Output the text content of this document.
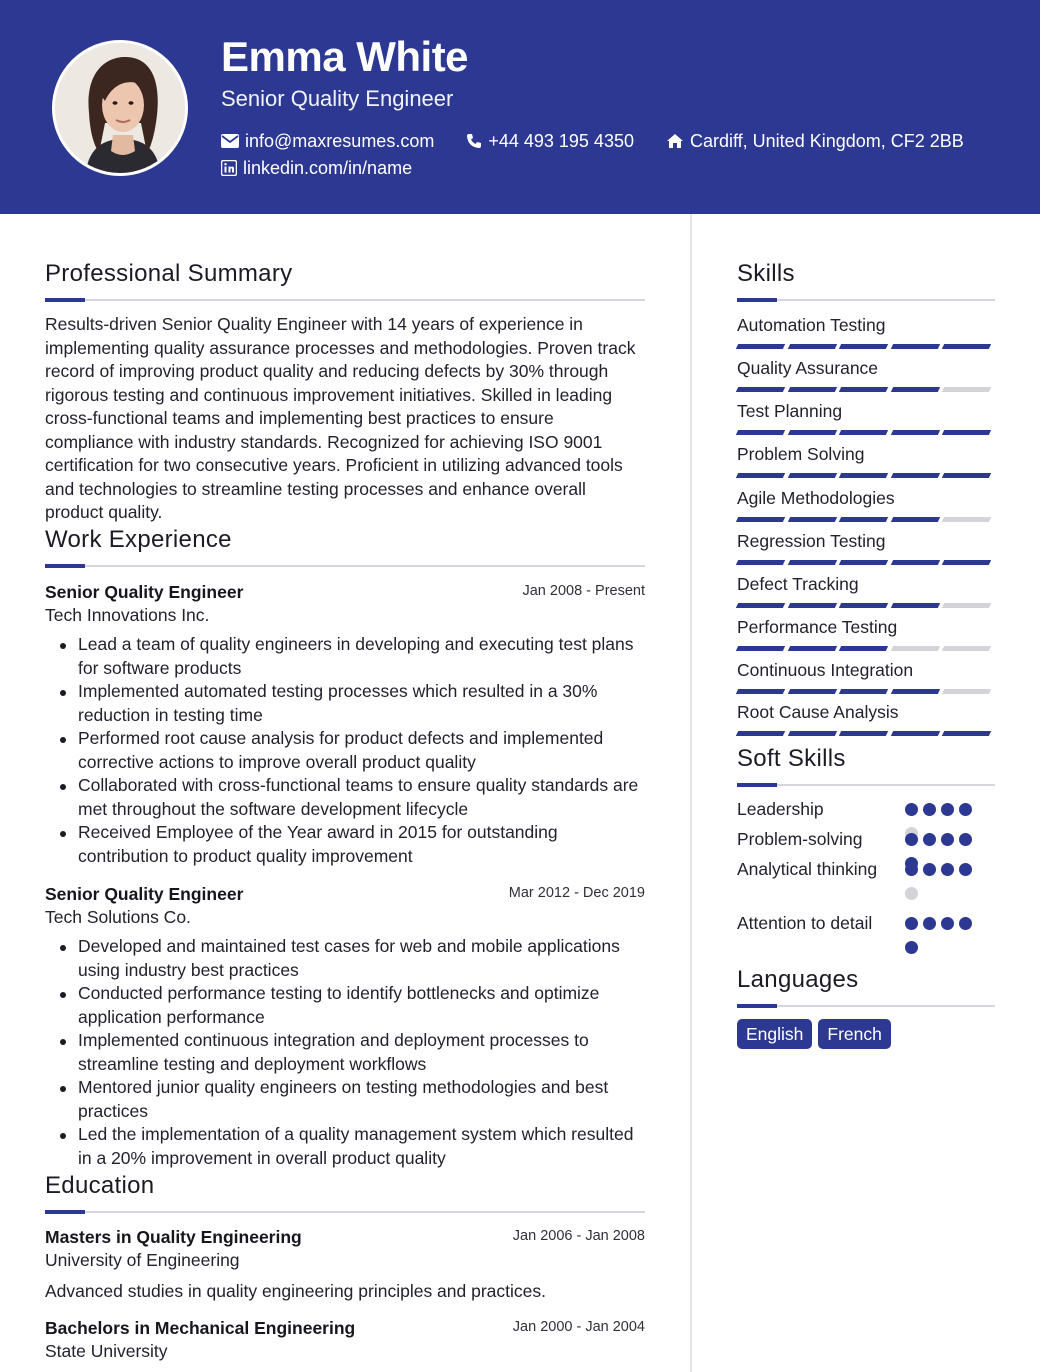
Emma White
Senior Quality Engineer
info@maxresumes.com	+44 493 195 4350	Cardiff, United Kingdom, CF2 2BB
linkedin.com/in/name
Professional Summary
Results-driven Senior Quality Engineer with 14 years of experience in implementing quality assurance processes and methodologies. Proven track record of improving product quality and reducing defects by 30% through rigorous testing and continuous improvement initiatives. Skilled in leading cross-functional teams and implementing best practices to ensure compliance with industry standards. Recognized for achieving ISO 9001 certification for two consecutive years. Proficient in utilizing advanced tools and technologies to streamline testing processes and enhance overall product quality.
Work Experience
Senior Quality Engineer	Jan 2008 - Present
Tech Innovations Inc.
Lead a team of quality engineers in developing and executing test plans for software products
Implemented automated testing processes which resulted in a 30% reduction in testing time
Performed root cause analysis for product defects and implemented corrective actions to improve overall product quality
Collaborated with cross-functional teams to ensure quality standards are met throughout the software development lifecycle
Received Employee of the Year award in 2015 for outstanding contribution to product quality improvement
Senior Quality Engineer	Mar 2012 - Dec 2019
Tech Solutions Co.
Developed and maintained test cases for web and mobile applications using industry best practices
Conducted performance testing to identify bottlenecks and optimize application performance
Implemented continuous integration and deployment processes to streamline testing and deployment workflows
Mentored junior quality engineers on testing methodologies and best practices
Led the implementation of a quality management system which resulted in a 20% improvement in overall product quality
Education
Masters in Quality Engineering	Jan 2006 - Jan 2008
University of Engineering
Advanced studies in quality engineering principles and practices.
Bachelors in Mechanical Engineering	Jan 2000 - Jan 2004
State University
Skills
Automation Testing
Quality Assurance
Test Planning
Problem Solving
Agile Methodologies
Regression Testing
Defect Tracking
Performance Testing
Continuous Integration
Root Cause Analysis
Soft Skills
Leadership
Problem-solving
Analytical thinking
Attention to detail
Languages
English	French
